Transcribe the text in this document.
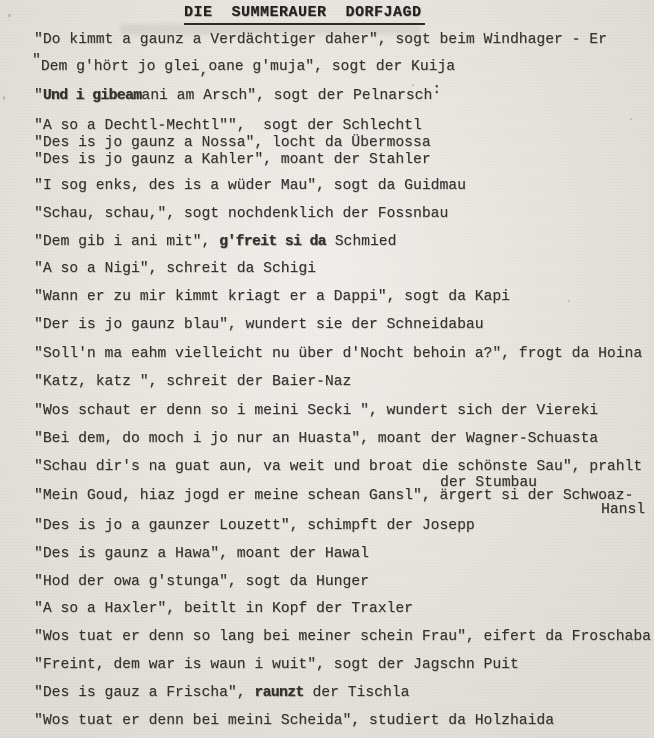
DIE  SUMMERAUER  DORFJAGD
"Do kimmt a gaunz a Verdächtiger daher", sogt beim Windhager - Er
"Dem g'hört jo glei,oane g'muja", sogt der Kuija
"Und i gibeamani am Arsch", sogt der Pelnarsch:
"A so a Dechtl-Mechtl"",  sogt der Schlechtl
"Des is jo gaunz a Nossa", locht da Übermossa
"Des is jo gaunz a Kahler", moant der Stahler
"I sog enks, des is a wüder Mau", sogt da Guidmau
"Schau, schau,", sogt nochdenklich der Fossnbau
"Dem gib i ani mit", g'freit si da Schmied
"A so a Nigi", schreit da Schigi
"Wann er zu mir kimmt kriagt er a Dappi", sogt da Kapi
"Der is jo gaunz blau", wundert sie der Schneidabau
"Soll'n ma eahm vielleicht nu über d'Nocht behoin a?", frogt da Hoina
"Katz, katz ", schreit der Baier-Naz
"Wos schaut er denn so i meini Secki ", wundert sich der Viereki
"Bei dem, do moch i jo nur an Huasta", moant der Wagner-Schuasta
"Schau dir's na guat aun, va weit und broat die schönste Sau", prahlt
der Stumbau
"Mein Goud, hiaz jogd er meine schean Gansl", ärgert si der Schwoaz-
Hansl
"Des is jo a gaunzer Louzett", schimpft der Josepp
"Des is gaunz a Hawa", moant der Hawal
"Hod der owa g'stunga", sogt da Hunger
"A so a Haxler", beitlt in Kopf der Traxler
"Wos tuat er denn so lang bei meiner schein Frau", eifert da Froschaba
"Freint, dem war is waun i wuit", sogt der Jagschn Puit
"Des is gauz a Frischa", raunzt der Tischla
"Wos tuat er denn bei meini Scheida", studiert da Holzhaida
